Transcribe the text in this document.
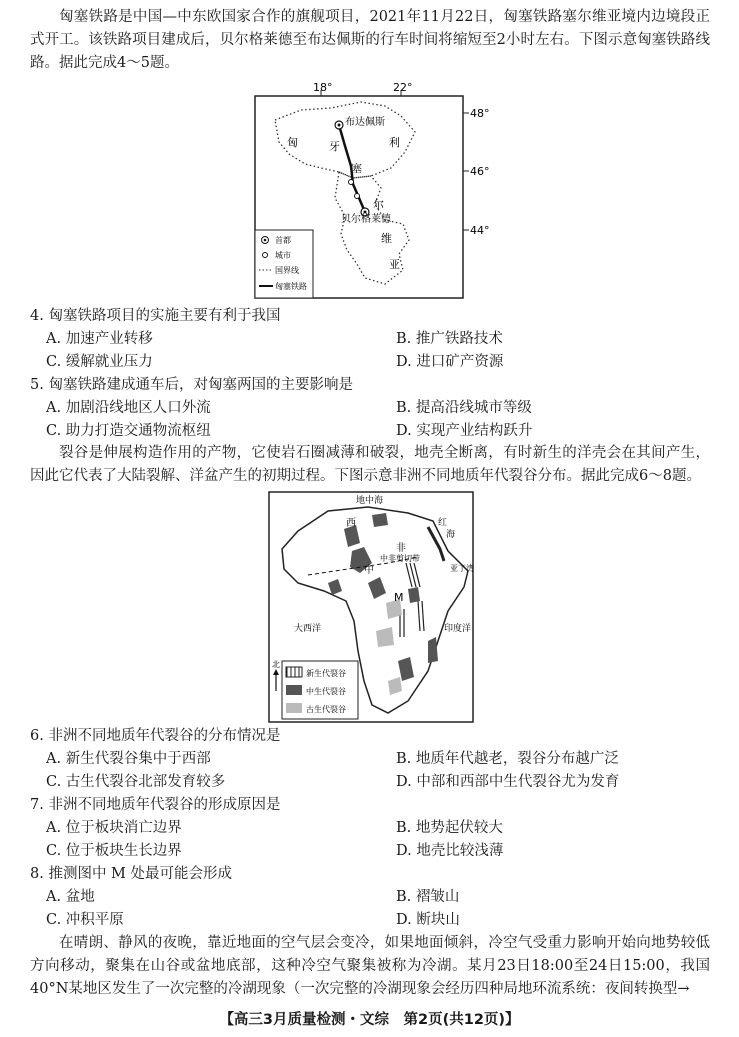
匈塞铁路是中国—中东欧国家合作的旗舰项目，2021年11月22日，匈塞铁路塞尔维亚境内边境段正式开工。该铁路项目建成后，贝尔格莱德至布达佩斯的行车时间将缩短至2小时左右。下图示意匈塞铁路线路。据此完成4～5题。
18°	22°
48°
46°
44°
布达佩斯
贝尔格莱德
匈	牙	利
塞
尔
维
亚
首都
城市
国界线
匈塞铁路
4. 匈塞铁路项目的实施主要有利于我国
A. 加速产业转移	B. 推广铁路技术
C. 缓解就业压力	D. 进口矿产资源
5. 匈塞铁路建成通车后，对匈塞两国的主要影响是
A. 加剧沿线地区人口外流	B. 提高沿线城市等级
C. 助力打造交通物流枢纽	D. 实现产业结构跃升
裂谷是伸展构造作用的产物，它使岩石圈减薄和破裂，地壳全断离，有时新生的洋壳会在其间产生，因此它代表了大陆裂解、洋盆产生的初期过程。下图示意非洲不同地质年代裂谷分布。据此完成6～8题。
地中海
西
中
非
中非剪切带
红
海
M
大西洋	印度洋
亚丁湾
北
新生代裂谷
中生代裂谷
古生代裂谷
6. 非洲不同地质年代裂谷的分布情况是
A. 新生代裂谷集中于西部	B. 地质年代越老，裂谷分布越广泛
C. 古生代裂谷北部发育较多	D. 中部和西部中生代裂谷尤为发育
7. 非洲不同地质年代裂谷的形成原因是
A. 位于板块消亡边界	B. 地势起伏较大
C. 位于板块生长边界	D. 地壳比较浅薄
8. 推测图中 M 处最可能会形成
A. 盆地	B. 褶皱山
C. 冲积平原	D. 断块山
在晴朗、静风的夜晚，靠近地面的空气层会变冷，如果地面倾斜，冷空气受重力影响开始向地势较低方向移动，聚集在山谷或盆地底部，这种冷空气聚集被称为冷湖。某月23日18:00至24日15:00，我国40°N某地区发生了一次完整的冷湖现象（一次完整的冷湖现象会经历四种局地环流系统：夜间转换型→
【高三3月质量检测・文综　第2页(共12页)】
